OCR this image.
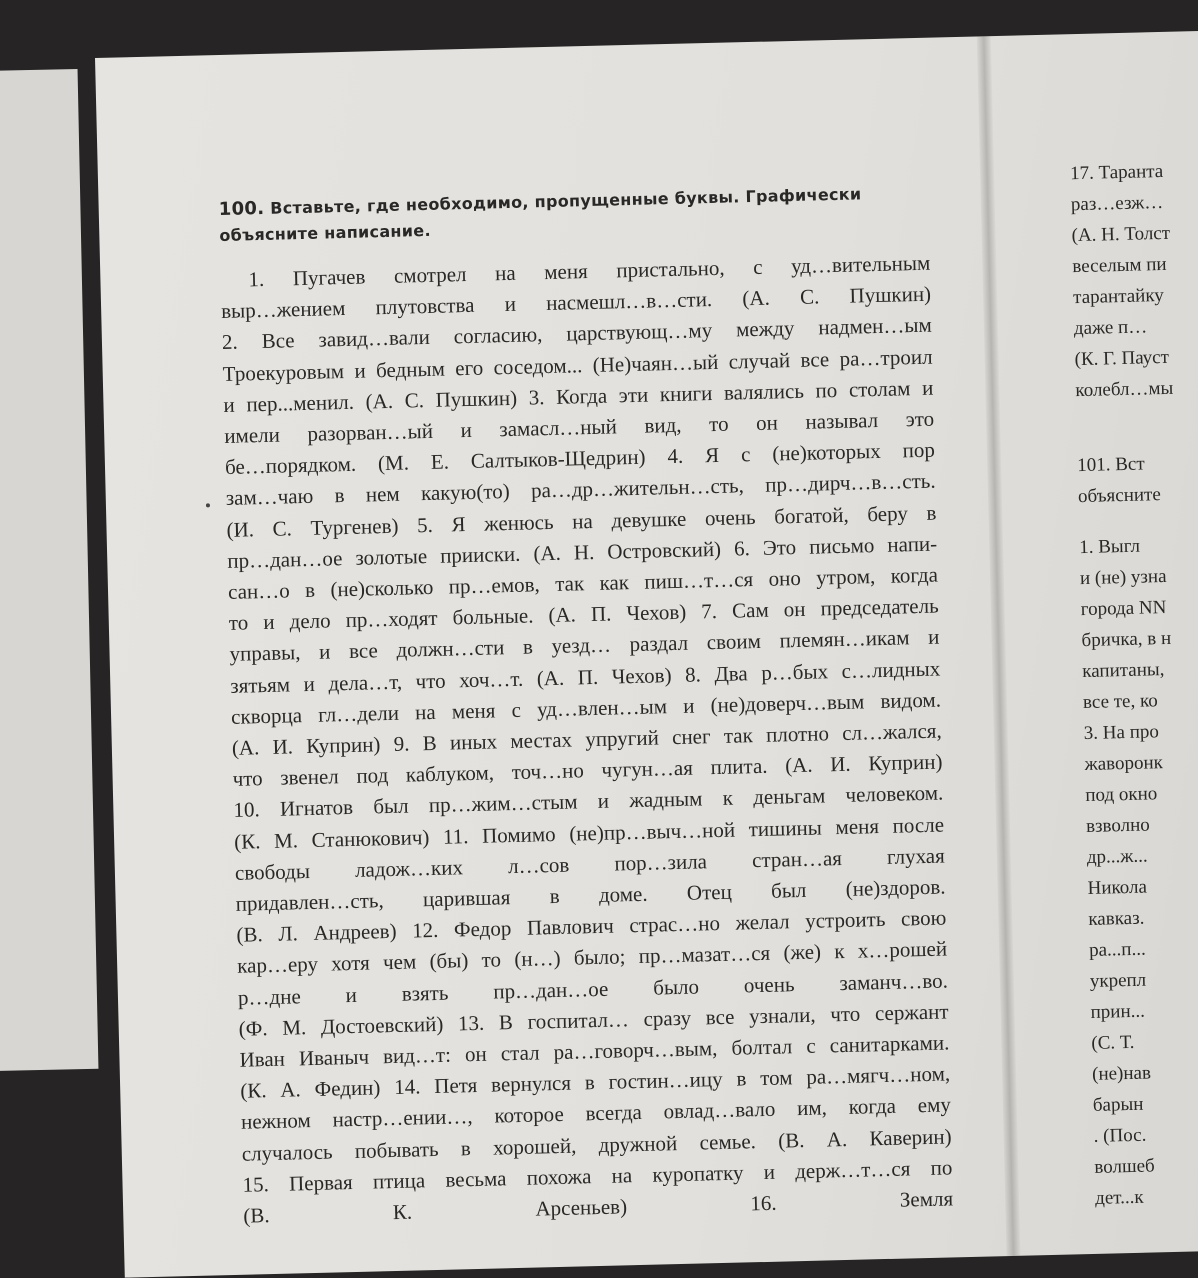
100. Вставьте, где необходимо, пропущенные буквы. Графически
объясните написание.
1. Пугачев смотрел на меня пристально, с уд…вительным
выр…жением плутовства и насмешл…в…сти. (А. С. Пушкин)
2. Все завид…вали согласию, царствующ…му между надмен…ым
Троекуровым и бедным его соседом... (Не)чаян…ый случай все ра…троил
и пер...менил. (А. С. Пушкин) 3. Когда эти книги валялись по столам и
имели разорван…ый и замасл…ный вид, то он называл это
бе…порядком. (М. Е. Салтыков-Щедрин) 4. Я с (не)которых пор
зам…чаю в нем какую(то) ра…др…жительн…сть, пр…дирч…в…сть.
(И. С. Тургенев) 5. Я женюсь на девушке очень богатой, беру в
пр…дан…ое золотые прииски. (А. Н. Островский) 6. Это письмо напи-
сан…о в (не)сколько пр…емов, так как пиш…т…ся оно утром, когда
то и дело пр…ходят больные. (А. П. Чехов) 7. Сам он председатель
управы, и все должн…сти в уезд… раздал своим племян…икам и
зятьям и дела…т, что хоч…т. (А. П. Чехов) 8. Два р…бых с…лидных
скворца гл…дели на меня с уд…влен…ым и (не)доверч…вым видом.
(А. И. Куприн) 9. В иных местах упругий снег так плотно сл…жался,
что звенел под каблуком, точ…но чугун…ая плита. (А. И. Куприн)
10. Игнатов был пр…жим…стым и жадным к деньгам человеком.
(К. М. Станюкович) 11. Помимо (не)пр…выч…ной тишины меня после
свободы ладож…ких л…сов пор…зила стран…ая глухая
придавлен…сть, царившая в доме. Отец был (не)здоров.
(В. Л. Андреев) 12. Федор Павлович страс…но желал устроить свою
кар…еру хотя чем (бы) то (н…) было; пр…мазат…ся (же) к х…рошей
р…дне и взять пр…дан…ое было очень заманч…во.
(Ф. М. Достоевский) 13. В госпитал… сразу все узнали, что сержант
Иван Иваныч вид…т: он стал ра…говорч…вым, болтал с санитарками.
(К. А. Федин) 14. Петя вернулся в гостин…ицу в том ра…мягч…ном,
нежном настр…ении…, которое всегда овлад…вало им, когда ему
случалось побывать в хорошей, дружной семье. (В. А. Каверин)
15. Первая птица весьма похожа на куропатку и держ…т…ся по
(В. К. Арсеньев) 16. Земля
17. Таранта
раз…езж…
(А. Н. Толст
веселым пи
тарантайку
даже п…
(К. Г. Пауст
колебл…мы
101. Вст
объясните
1. Выгл
и (не) узна
города NN
бричка, в н
капитаны,
все те, ко
3. На про
жаворонк
под окно
взволно
др...ж...
Никола
кавказ.
ра...п...
укрепл
прин...
(С. Т.
(не)нав
барын
. (Пос.
волшеб
дет...к
